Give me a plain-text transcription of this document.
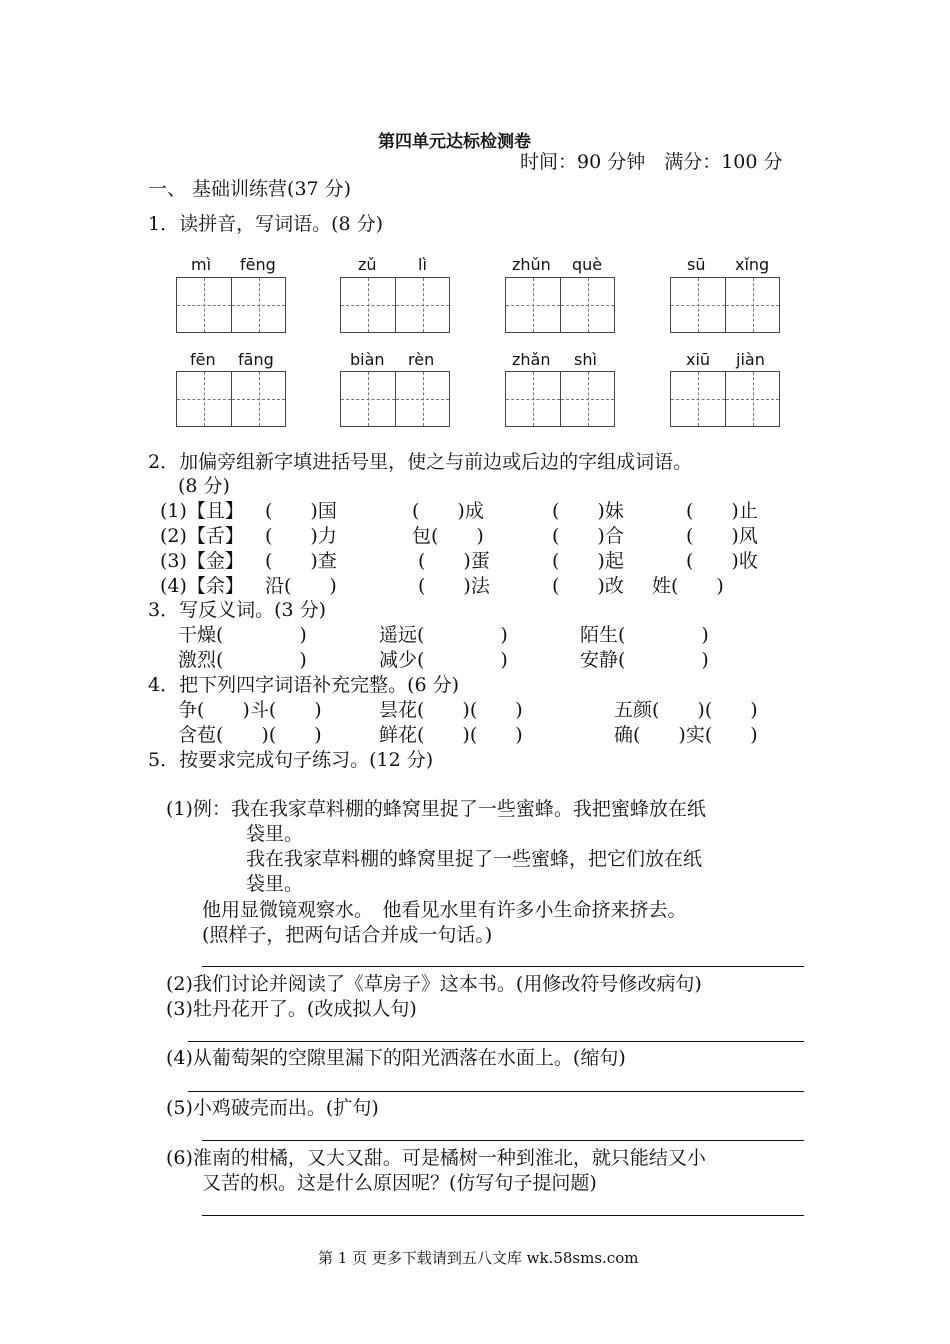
第四单元达标检测卷
时间：90 分钟　满分：100 分
一、 基础训练营(37 分)
1．读拼音，写词语。(8 分)
mì fēng	zǔ	lì	zhǔn què	sū xǐng
fēn fāng	biàn rèn	zhǎn shì	xiū jiàn
2．加偏旁组新字填进括号里，使之与前边或后边的字组成词语。
(8 分)
(1)【且】 (　　)国	(　　)成	(　　)妹	(　　)止
(2)【舌】 (　　)力	包(　　)	(　　)合	(　　)风
(3)【金】 (　　)查	(　　)蛋	(　　)起	(　　)收
(4)【余】 沿(　　)	(　　)法	(　　)改 姓(　　)
3．写反义词。(3 分)
干燥(　　　　)	遥远(　　　　)	陌生(　　　　)
激烈(　　　　)	减少(　　　　)	安静(　　　　)
4．把下列四字词语补充完整。(6 分)
争(　　)斗(　　)	昙花(　　)(　　)	五颜(　　)(　　)
含苞(　　)(　　)	鲜花(　　)(　　)	确(　　)实(　　)
5．按要求完成句子练习。(12 分)
(1)例：我在我家草料棚的蜂窝里捉了一些蜜蜂。我把蜜蜂放在纸
袋里。
我在我家草料棚的蜂窝里捉了一些蜜蜂，把它们放在纸
袋里。
他用显微镜观察水。　他看见水里有许多小生命挤来挤去。
(照样子，把两句话合并成一句话。)
(2)我们讨论并阅读了《草房子》这本书。(用修改符号修改病句)
(3)牡丹花开了。(改成拟人句)
(4)从葡萄架的空隙里漏下的阳光洒落在水面上。(缩句)
(5)小鸡破壳而出。(扩句)
(6)淮南的柑橘，又大又甜。可是橘树一种到淮北，就只能结又小
又苦的枳。这是什么原因呢？(仿写句子提问题)
第 1 页 更多下载请到五八文库 wk.58sms.com
